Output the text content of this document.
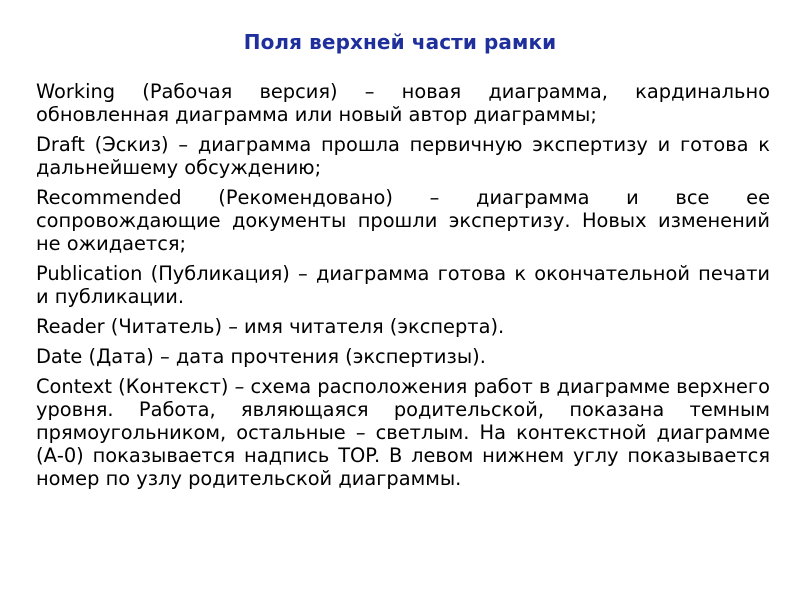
Поля верхней части рамки

Working (Рабочая версия) – новая диаграмма, кардинально обновленная диаграмма или новый автор диаграммы;

Draft (Эскиз) – диаграмма прошла первичную экспертизу и готова к дальнейшему обсуждению;

Recommended (Рекомендовано) – диаграмма и все ее сопровождающие документы прошли экспертизу. Новых изменений не ожидается;

Publication (Публикация) – диаграмма готова к окончательной печати и публикации.

Reader (Читатель) – имя читателя (эксперта).

Date (Дата) – дата прочтения (экспертизы).

Context (Контекст) – схема расположения работ в диаграмме верхнего уровня. Работа, являющаяся родительской, показана темным прямоугольником, остальные – светлым. На контекстной диаграмме (А-0) показывается надпись TOP. В левом нижнем углу показывается номер по узлу родительской диаграммы.
